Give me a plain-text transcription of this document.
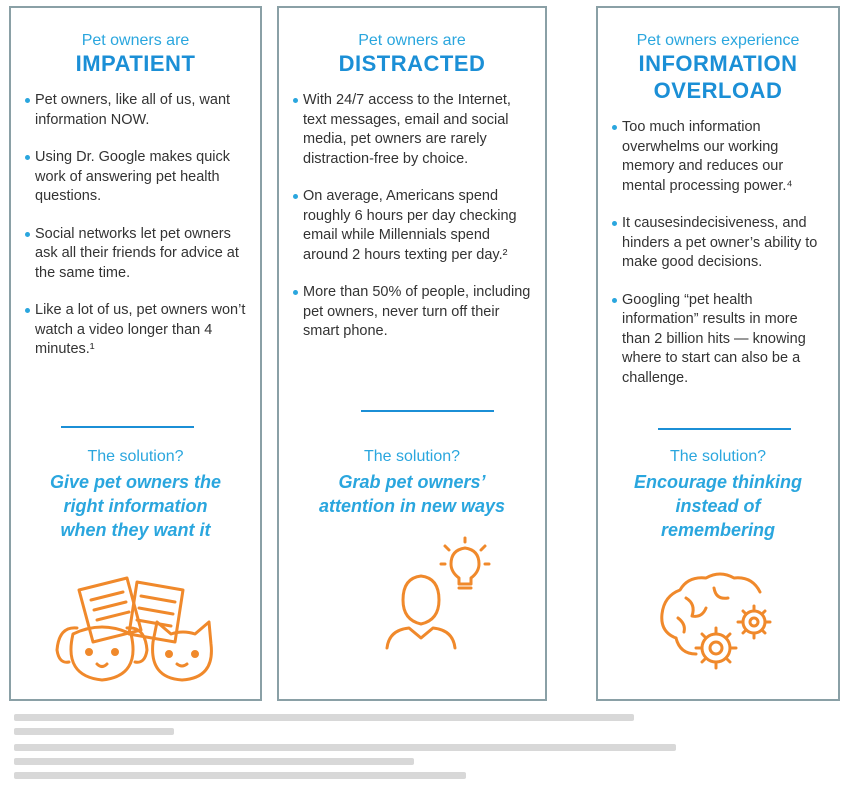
Pet owners are
IMPATIENT
Pet owners, like all of us, want information NOW.
Using Dr. Google makes quick work of answering pet health questions.
Social networks let pet owners ask all their friends for advice at the same time.
Like a lot of us, pet owners won’t watch a video longer than 4 minutes.¹
The solution?
Give pet owners the
right information
when they want it
Pet owners are
DISTRACTED
With 24/7 access to the Internet, text messages, email and social media, pet owners are rarely distraction-free by choice.
On average, Americans spend roughly 6 hours per day checking email while Millennials spend around 2 hours texting per day.²
More than 50% of people, including pet owners, never turn off their smart phone.
The solution?
Grab pet owners’
attention in new ways
Pet owners experience
INFORMATION
OVERLOAD
Too much information overwhelms our working memory and reduces our mental processing power.⁴
It causesindecisiveness, and hinders a pet owner’s ability to make good decisions.
Googling “pet health information” results in more than 2 billion hits — knowing where to start can also be a challenge.
The solution?
Encourage thinking
instead of
remembering
